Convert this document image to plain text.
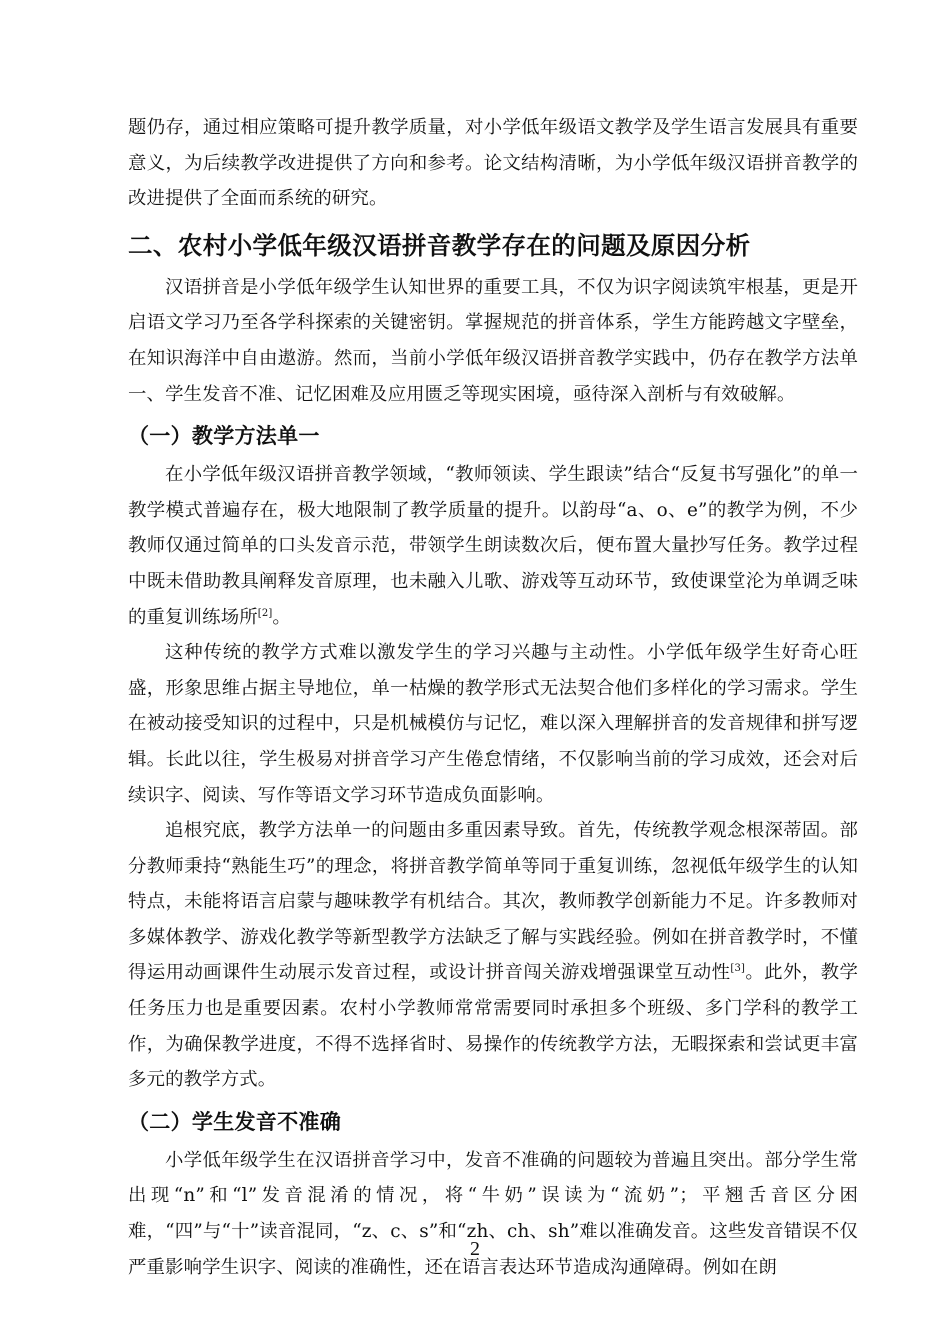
题仍存，通过相应策略可提升教学质量，对小学低年级语文教学及学生语言发展具有重要意义，为后续教学改进提供了方向和参考。论文结构清晰，为小学低年级汉语拼音教学的改进提供了全面而系统的研究。

二、农村小学低年级汉语拼音教学存在的问题及原因分析

汉语拼音是小学低年级学生认知世界的重要工具，不仅为识字阅读筑牢根基，更是开启语文学习乃至各学科探索的关键密钥。掌握规范的拼音体系，学生方能跨越文字壁垒，在知识海洋中自由遨游。然而，当前小学低年级汉语拼音教学实践中，仍存在教学方法单一、学生发音不准、记忆困难及应用匮乏等现实困境，亟待深入剖析与有效破解。

（一）教学方法单一

在小学低年级汉语拼音教学领域，“教师领读、学生跟读”结合“反复书写强化”的单一教学模式普遍存在，极大地限制了教学质量的提升。以韵母“a、o、e”的教学为例，不少教师仅通过简单的口头发音示范，带领学生朗读数次后，便布置大量抄写任务。教学过程中既未借助教具阐释发音原理，也未融入儿歌、游戏等互动环节，致使课堂沦为单调乏味的重复训练场所[2]。

这种传统的教学方式难以激发学生的学习兴趣与主动性。小学低年级学生好奇心旺盛，形象思维占据主导地位，单一枯燥的教学形式无法契合他们多样化的学习需求。学生在被动接受知识的过程中，只是机械模仿与记忆，难以深入理解拼音的发音规律和拼写逻辑。长此以往，学生极易对拼音学习产生倦怠情绪，不仅影响当前的学习成效，还会对后续识字、阅读、写作等语文学习环节造成负面影响。

追根究底，教学方法单一的问题由多重因素导致。首先，传统教学观念根深蒂固。部分教师秉持“熟能生巧”的理念，将拼音教学简单等同于重复训练，忽视低年级学生的认知特点，未能将语言启蒙与趣味教学有机结合。其次，教师教学创新能力不足。许多教师对多媒体教学、游戏化教学等新型教学方法缺乏了解与实践经验。例如在拼音教学时，不懂得运用动画课件生动展示发音过程，或设计拼音闯关游戏增强课堂互动性[3]。此外，教学任务压力也是重要因素。农村小学教师常常需要同时承担多个班级、多门学科的教学工作，为确保教学进度，不得不选择省时、易操作的传统教学方法，无暇探索和尝试更丰富多元的教学方式。

（二）学生发音不准确

小学低年级学生在汉语拼音学习中，发音不准确的问题较为普遍且突出。部分学生常出现“n”和“l”发音混淆的情况，将“牛奶”误读为“流奶”；平翘舌音区分困难，“四”与“十”读音混同，“z、c、s”和“zh、ch、sh”难以准确发音。这些发音错误不仅严重影响学生识字、阅读的准确性，还在语言表达环节造成沟通障碍。例如在朗

2
